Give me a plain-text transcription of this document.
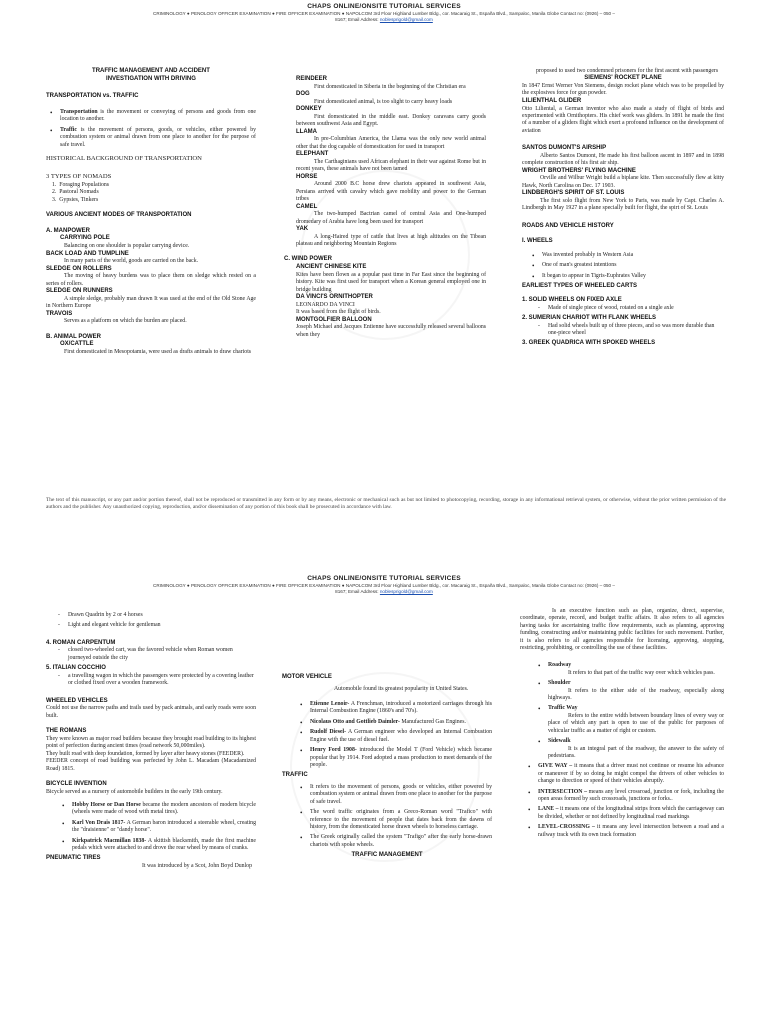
CHAPS ONLINE/ONSITE TUTORIAL SERVICES
CRIMINOLOGY ● PENOLOGY OFFICER EXAMINATION ● FIRE OFFICER EXAMINATION ● NAPOLCOM 3rd Floor Highland Lumber Bldg., cor. Macaraig St., España Blvd., Sampaloc, Manila Globe Contact no: (0926) – 050 –
8167; Email Address: noblesprigold@gmail.com
TRAFFIC MANAGEMENT AND ACCIDENT
INVESTIGATION WITH DRIVING
TRANSPORTATION vs. TRAFFIC
• Transportation is the movement or conveying of persons and goods from one location to another.
• Traffic is the movement of persons, goods, or vehicles, either powered by combustion system or animal drawn from one place to another for the purpose of safe travel.
HISTORICAL BACKGROUND OF TRANSPORTATION
3 TYPES OF NOMADS
1.  Foraging Populations
2.  Pastoral Nomads
3.  Gypsies, Tinkers
VARIOUS ANCIENT MODES OF TRANSPORTATION
A. MANPOWER
CARRYING POLE
Balancing on one shoulder is popular carrying device.
BACK LOAD AND TUMPLINE
In many parts of the world, goods are carried on the back.
SLEDGE ON ROLLERS
The moving of heavy burdens was to place them on sledge which rested on a series of rollers.
SLEDGE ON RUNNERS
A simple sledge, probably man drawn It was used at the end of the Old Stone Age in Northern Europe
TRAVOIS
Serves as a platform on which the burden are placed.
B. ANIMAL POWER
OX/CATTLE
First domesticated in Mesopotamia, were used as drafts animals to draw chariots
REINDEER
First domesticated in Siberia in the beginning of the Christian era
DOG
First domesticated animal, is too slight to carry heavy loads
DONKEY
First domesticated in the middle east. Donkey caravans carry goods between southwest Asia and Egypt.
LLAMA
In pre-Columbian America, the Llama was the only new world animal other that the dog capable of domestication for used in transport
ELEPHANT
The Carthaginians used African elephant in their war against Rome but in recent years, these animals have not been tamed
HORSE
Around 2000 B.C horse drew chariots appeared in southwest Asia, Persians arrived with cavalry which gave mobility and power to the German tribes
CAMEL
The two-humped Bactrian camel of central Asia and One-humped dromedary of Arabia have long been used for transport
YAK
A long-Haired type of cattle that lives at high altitudes on the Tibean plateau and neighboring Mountain Regions
C. WIND POWER
ANCIENT CHINESE KITE
Kites have been flown as a popular past time in Far East since the beginning of history. Kite was first used for transport when a Korean general employed one in bridge building
DA VINCI'S ORNITHOPTER
LEONARDO DA VINCI
It was based from the flight of birds.
MONTGOLFIER BALLOON
Joseph Michael and Jacques Entienne have successfully released several balloons when they
proposed to used two condemned prisoners for the first ascent with passengers
SIEMENS' ROCKET PLANE
In 1847 Ernst Werner Von Siemens, design rocket plane which was to be propelled by the explosives force for gun powder.
LILIENTHAL GLIDER
Otto Liliental, a German inventor who also made a study of flight of birds and experimented with Ornithopters. His chief work was gliders. In 1891 he made the first of a number of a gliders flight which exert a profound influence on the development of aviation
SANTOS DUMONT'S AIRSHIP
Alberto Santos Dumont, He made his first balloon ascent in 1897 and in 1898 complete construction of his first air ship.
WRIGHT BROTHERS' FLYING MACHINE
Orville and Wilbur Wright build a biplane kite. Then successfully flew at kitty Hawk, North Carolina on Dec. 17 1903.
LINDBERGH'S SPIRIT OF ST. LOUIS
The first solo flight from New York to Paris, was made by Capt. Charles A. Lindbergh in May 1927 in a plane specially built for flight, the spirt of St. Louis
ROADS AND VEHICLE HISTORY
I. WHEELS
• Was invented probably in Western Asia
• One of man's greatest intentions
• It began to appear in Tigris-Euphrates Valley
EARLIEST TYPES OF WHEELED CARTS
1. SOLID WHEELS ON FIXED AXLE
- Made of single piece of wood, rotated on a single axle
2. SUMERIAN CHARIOT WITH FLANK WHEELS
- Had solid wheels built up of three pieces, and so was more durable than one-piece wheel
3. GREEK QUADRICA WITH SPOKED WHEELS
The text of this manuscript, or any part and/or portion thereof, shall not be reproduced or transmitted in any form or by any means, electronic or mechanical such as but not limited to photocopying, recording, storage in any informational retrieval system, or otherwise, without the prior written permission of the authors and the publisher. Any unauthorized copying, reproduction, and/or dissemination of any portion of this book shall be prosecuted in accordance with law.
CHAPS ONLINE/ONSITE TUTORIAL SERVICES
CRIMINOLOGY ● PENOLOGY OFFICER EXAMINATION ● FIRE OFFICER EXAMINATION ● NAPOLCOM 3rd Floor Highland Lumber Bldg., cor. Macaraig St., España Blvd., Sampaloc, Manila Globe Contact no: (0926) – 050 –
8167; Email Address: noblesprigold@gmail.com
- Drawn Quadrin by 2 or 4 horses
- Light and elegant vehicle for gentleman
4. ROMAN CARPENTUM
- closed two-wheeled cart, was the favored vehicle when Roman women journeyed outside the city
5. ITALIAN COCCHIO
- a travelling wagon in which the passengers were protected by a covering leather or clothed fixed over a wooden framework.
WHEELED VEHICLES
Could not use the narrow paths and trails used by pack animals, and early roads were soon built.
THE ROMANS
They were known as major road builders because they brought road building to its highest point of perfection during ancient times (road network 50,000miles).
They built road with deep foundation, formed by layer after heavy stones (FEEDER).
FEEDER concept of road building was perfected by John L. Macadam (Macadamized Road) 1815.
BICYCLE INVENTION
Bicycle served as a nursery of automobile builders in the early 19th century.
• Hobby Horse or Dan Horse became the modern ancestors of modern bicycle (wheels were made of wood with metal tires).
• Karl Von Drais 1817- A German baron introduced a steerable wheel, creating the "draisienne" or "dandy horse".
• Kirkpatrick Macmillan 1838- A skittish blacksmith, made the first machine pedals which were attached to and drove the rear wheel by means of cranks.
PNEUMATIC TIRES
It was introduced by a Scot, John Boyd Dunlop
MOTOR VEHICLE
Automobile found its greatest popularity in United States.
• Etienne Lenoir- A Frenchman, introduced a motorized carriages through his Internal Combustion Engine (1860's and 70's).
• Nicolaus Otto and Gottlieb Daimler- Manufactured Gas Engines.
• Rudolf Diesel- A German engineer who developed an Internal Combustion Engine with the use of diesel fuel.
• Henry Ford 1908- introduced the Model T (Ford Vehicle) which became popular that by 1914. Ford adopted a mass production to meet demands of the people.
TRAFFIC
• It refers to the movement of persons, goods or vehicles, either powered by combustion system or animal drawn from one place to another for the purpose of safe travel.
• The word traffic originates from a Greco-Roman word "Trafico" with reference to the movement of people that dates back from the dawns of history, from the domesticated horse drawn wheels to horseless carriage.
• The Greek originally called the system "Trafigo" after the early horse-drawn chariots with spoke wheels.
TRAFFIC MANAGEMENT
Is an executive function such as plan, organize, direct, supervise, coordinate, operate, record, and budget traffic affairs. It also refers to all agencies having tasks for ascertaining traffic flow requirements, such as planning, approving funding, constructing and/or maintaining public facilities for such movement. Further, it is also refers to all agencies responsible for licensing, approving, stopping, restricting, prohibiting, or controlling the use of these facilities.
• Roadway
It refers to that part of the traffic way over which vehicles pass.
• Shoulder
It refers to the either side of the roadway, especially along highways.
• Traffic Way
Refers to the entire width between boundary lines of every way or place of which any part is open to use of the public for purposes of vehicular traffic as a matter of right or custom.
• Sidewalk
It is an integral part of the roadway, the answer to the safety of pedestrians.
• GIVE WAY – it means that a driver must not continue or resume his advance or maneuver if by so doing he might compel the drivers of other vehicles to change to direction or speed of their vehicles abruptly.
• INTERSECTION – means any level crossroad, junction or fork, including the open areas formed by such crossroads, junctions or forks..
• LANE – it means one of the longitudinal strips from which the carriageway can be divided, whether or not defined by longitudinal road markings
• LEVEL-CROSSING – it means any level intersection between a road and a railway track with its own track formation
